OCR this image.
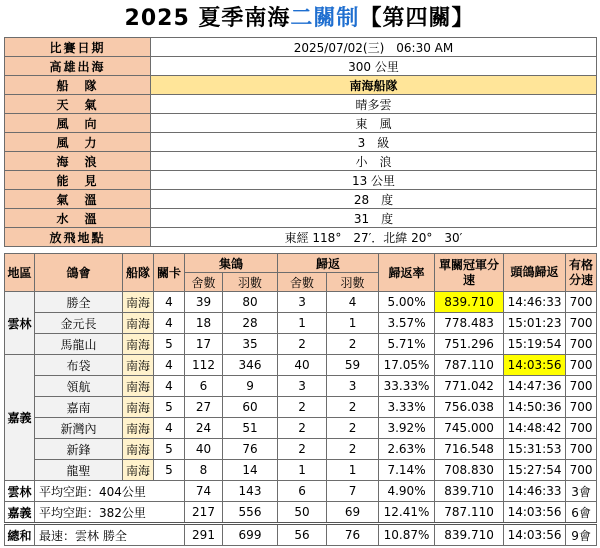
2025 夏季南海二關制【第四關】
比賽日期	2025/07/02(三)　06:30 AM
高雄出海	300 公里
船　隊	南海船隊
天　氣	晴多雲
風　向	東　風
風　力	3　級
海　浪	小　浪
能　見	13 公里
氣　溫	28　度
水　溫	31　度
放飛地點	東經 118°　27′．北緯 20°　30′
地區	鴿會	船隊	關卡	集鴿		歸返		歸返率	單關冠軍分速	頭鴿歸返	有格分速
				舍數	羽數	舍數	羽數				
雲林	勝全	南海	4	39	80	3	4	5.00%	839.710	14:46:33	700
	金元長	南海	4	18	28	1	1	3.57%	778.483	15:01:23	700
	馬龍山	南海	5	17	35	2	2	5.71%	751.296	15:19:54	700
嘉義	布袋	南海	4	112	346	40	59	17.05%	787.110	14:03:56	700
	領航	南海	4	6	9	3	3	33.33%	771.042	14:47:36	700
	嘉南	南海	5	27	60	2	2	3.33%	756.038	14:50:36	700
	新灣內	南海	4	24	51	2	2	3.92%	745.000	14:48:42	700
	新鋒	南海	5	40	76	2	2	2.63%	716.548	15:31:53	700
	龍聖	南海	5	8	14	1	1	7.14%	708.830	15:27:54	700
雲林	平均空距：404公里			74	143	6	7	4.90%	839.710	14:46:33	3會
嘉義	平均空距：382公里			217	556	50	69	12.41%	787.110	14:03:56	6會
總和	最速：雲林 勝全			291	699	56	76	10.87%	839.710	14:03:56	9會
